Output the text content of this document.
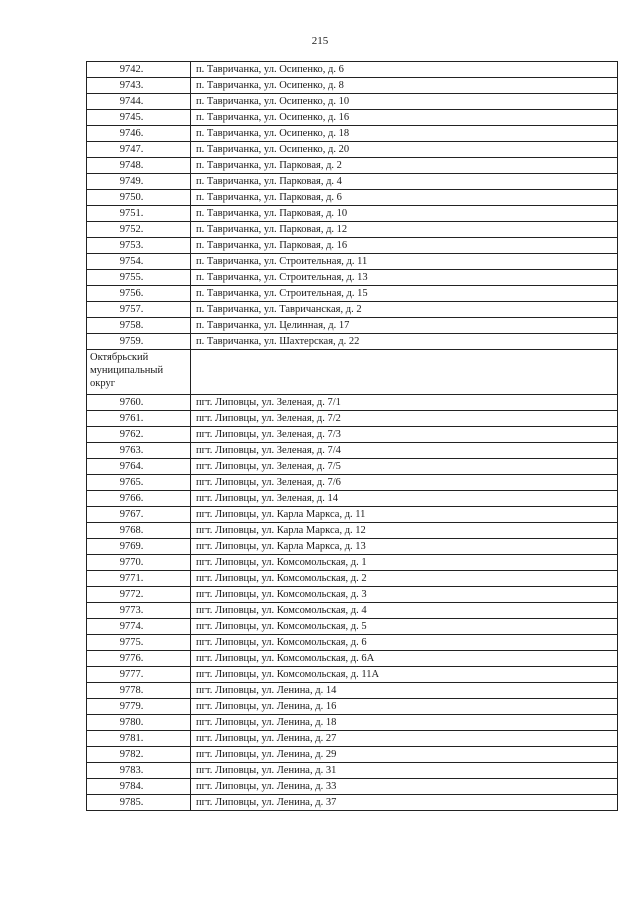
215
9742.	п. Тавричанка, ул. Осипенко, д. 6
9743.	п. Тавричанка, ул. Осипенко, д. 8
9744.	п. Тавричанка, ул. Осипенко, д. 10
9745.	п. Тавричанка, ул. Осипенко, д. 16
9746.	п. Тавричанка, ул. Осипенко, д. 18
9747.	п. Тавричанка, ул. Осипенко, д. 20
9748.	п. Тавричанка, ул. Парковая, д. 2
9749.	п. Тавричанка, ул. Парковая, д. 4
9750.	п. Тавричанка, ул. Парковая, д. 6
9751.	п. Тавричанка, ул. Парковая, д. 10
9752.	п. Тавричанка, ул. Парковая, д. 12
9753.	п. Тавричанка, ул. Парковая, д. 16
9754.	п. Тавричанка, ул. Строительная, д. 11
9755.	п. Тавричанка, ул. Строительная, д. 13
9756.	п. Тавричанка, ул. Строительная, д. 15
9757.	п. Тавричанка, ул. Тавричанская, д. 2
9758.	п. Тавричанка, ул. Целинная, д. 17
9759.	п. Тавричанка, ул. Шахтерская, д. 22
Октябрьский муниципальный округ	
9760.	пгт. Липовцы, ул. Зеленая, д. 7/1
9761.	пгт. Липовцы, ул. Зеленая, д. 7/2
9762.	пгт. Липовцы, ул. Зеленая, д. 7/3
9763.	пгт. Липовцы, ул. Зеленая, д. 7/4
9764.	пгт. Липовцы, ул. Зеленая, д. 7/5
9765.	пгт. Липовцы, ул. Зеленая, д. 7/6
9766.	пгт. Липовцы, ул. Зеленая, д. 14
9767.	пгт. Липовцы, ул. Карла Маркса, д. 11
9768.	пгт. Липовцы, ул. Карла Маркса, д. 12
9769.	пгт. Липовцы, ул. Карла Маркса, д. 13
9770.	пгт. Липовцы, ул. Комсомольская, д. 1
9771.	пгт. Липовцы, ул. Комсомольская, д. 2
9772.	пгт. Липовцы, ул. Комсомольская, д. 3
9773.	пгт. Липовцы, ул. Комсомольская, д. 4
9774.	пгт. Липовцы, ул. Комсомольская, д. 5
9775.	пгт. Липовцы, ул. Комсомольская, д. 6
9776.	пгт. Липовцы, ул. Комсомольская, д. 6А
9777.	пгт. Липовцы, ул. Комсомольская, д. 11А
9778.	пгт. Липовцы, ул. Ленина, д. 14
9779.	пгт. Липовцы, ул. Ленина, д. 16
9780.	пгт. Липовцы, ул. Ленина, д. 18
9781.	пгт. Липовцы, ул. Ленина, д. 27
9782.	пгт. Липовцы, ул. Ленина, д. 29
9783.	пгт. Липовцы, ул. Ленина, д. 31
9784.	пгт. Липовцы, ул. Ленина, д. 33
9785.	пгт. Липовцы, ул. Ленина, д. 37
